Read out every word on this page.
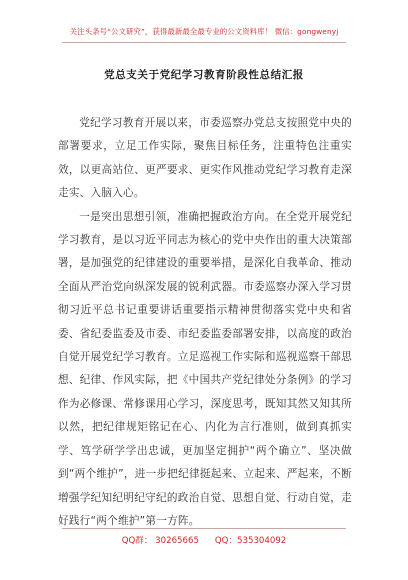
关注头条号“公文研究”，获得最新最全最专业的公文资料库！ 微信：gongwenyj
党总支关于党纪学习教育阶段性总结汇报

党纪学习教育开展以来，市委巡察办党总支按照党中央的部署要求，立足工作实际，聚焦目标任务，注重特色注重实效，以更高站位、更严要求、更实作风推动党纪学习教育走深走实、入脑入心。

一是突出思想引领，准确把握政治方向。在全党开展党纪学习教育，是以习近平同志为核心的党中央作出的重大决策部署，是加强党的纪律建设的重要举措，是深化自我革命、推动全面从严治党向纵深发展的锐利武器。市委巡察办深入学习贯彻习近平总书记重要讲话重要指示精神贯彻落实党中央和省委、省纪委监委及市委、市纪委监委部署安排，以高度的政治自觉开展党纪学习教育。立足巡视工作实际和巡视巡察干部思想、纪律、作风实际，把《中国共产党纪律处分条例》的学习作为必修课、常修课用心学习，深度思考，既知其然又知其所以然，把纪律规矩铭记在心、内化为言行准则，做到真抓实学、笃学研学学出忠诚，更加坚定拥护“两个确立”、坚决做到“两个维护”，进一步把纪律挺起来、立起来、严起来，不断增强学纪知纪明纪守纪的政治自觉、思想自觉、行动自觉，走好践行“两个维护”第一方阵。

QQ群： 30265665 QQ：535304092
